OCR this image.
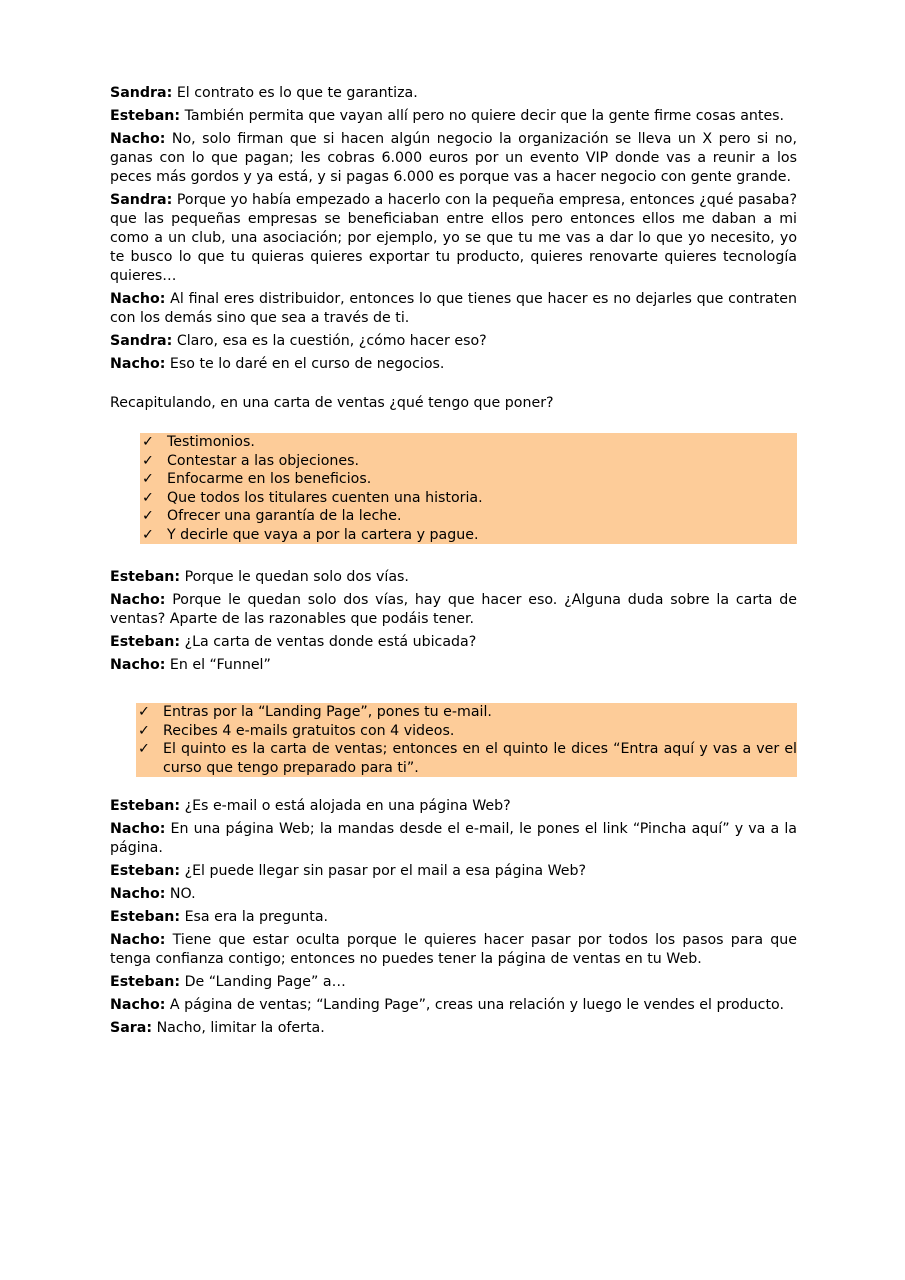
Sandra: El contrato es lo que te garantiza.

Esteban: También permita que vayan allí pero no quiere decir que la gente firme cosas antes.

Nacho: No, solo firman que si hacen algún negocio la organización se lleva un X pero si no, ganas con lo que pagan; les cobras 6.000 euros por un evento VIP donde vas a reunir a los peces más gordos y ya está, y si pagas 6.000 es porque vas a hacer negocio con gente grande.

Sandra: Porque yo había empezado a hacerlo con la pequeña empresa, entonces ¿qué pasaba? que las pequeñas empresas se beneficiaban entre ellos pero entonces ellos me daban a mi como a un club, una asociación; por ejemplo, yo se que tu me vas a dar lo que yo necesito, yo te busco lo que tu quieras quieres exportar tu producto, quieres renovarte quieres tecnología quieres…

Nacho: Al final eres distribuidor, entonces lo que tienes que hacer es no dejarles que contraten con los demás sino que sea a través de ti.

Sandra: Claro, esa es la cuestión, ¿cómo hacer eso?

Nacho: Eso te lo daré en el curso de negocios.

Recapitulando, en una carta de ventas ¿qué tengo que poner?

✓ Testimonios.
✓ Contestar a las objeciones.
✓ Enfocarme en los beneficios.
✓ Que todos los titulares cuenten una historia.
✓ Ofrecer una garantía de la leche.
✓ Y decirle que vaya a por la cartera y pague.

Esteban: Porque le quedan solo dos vías.

Nacho: Porque le quedan solo dos vías, hay que hacer eso. ¿Alguna duda sobre la carta de ventas? Aparte de las razonables que podáis tener.

Esteban: ¿La carta de ventas donde está ubicada?

Nacho: En el “Funnel”

✓ Entras por la “Landing Page”, pones tu e-mail.
✓ Recibes 4 e-mails gratuitos con 4 videos.
✓ El quinto es la carta de ventas; entonces en el quinto le dices “Entra aquí y vas a ver el curso que tengo preparado para ti”.

Esteban: ¿Es e-mail o está alojada en una página Web?

Nacho: En una página Web; la mandas desde el e-mail, le pones el link “Pincha aquí” y va a la página.

Esteban: ¿El puede llegar sin pasar por el mail a esa página Web?

Nacho: NO.

Esteban: Esa era la pregunta.

Nacho: Tiene que estar oculta porque le quieres hacer pasar por todos los pasos para que tenga confianza contigo; entonces no puedes tener la página de ventas en tu Web.

Esteban: De “Landing Page” a…

Nacho: A página de ventas; “Landing Page”, creas una relación y luego le vendes el producto.

Sara: Nacho, limitar la oferta.
